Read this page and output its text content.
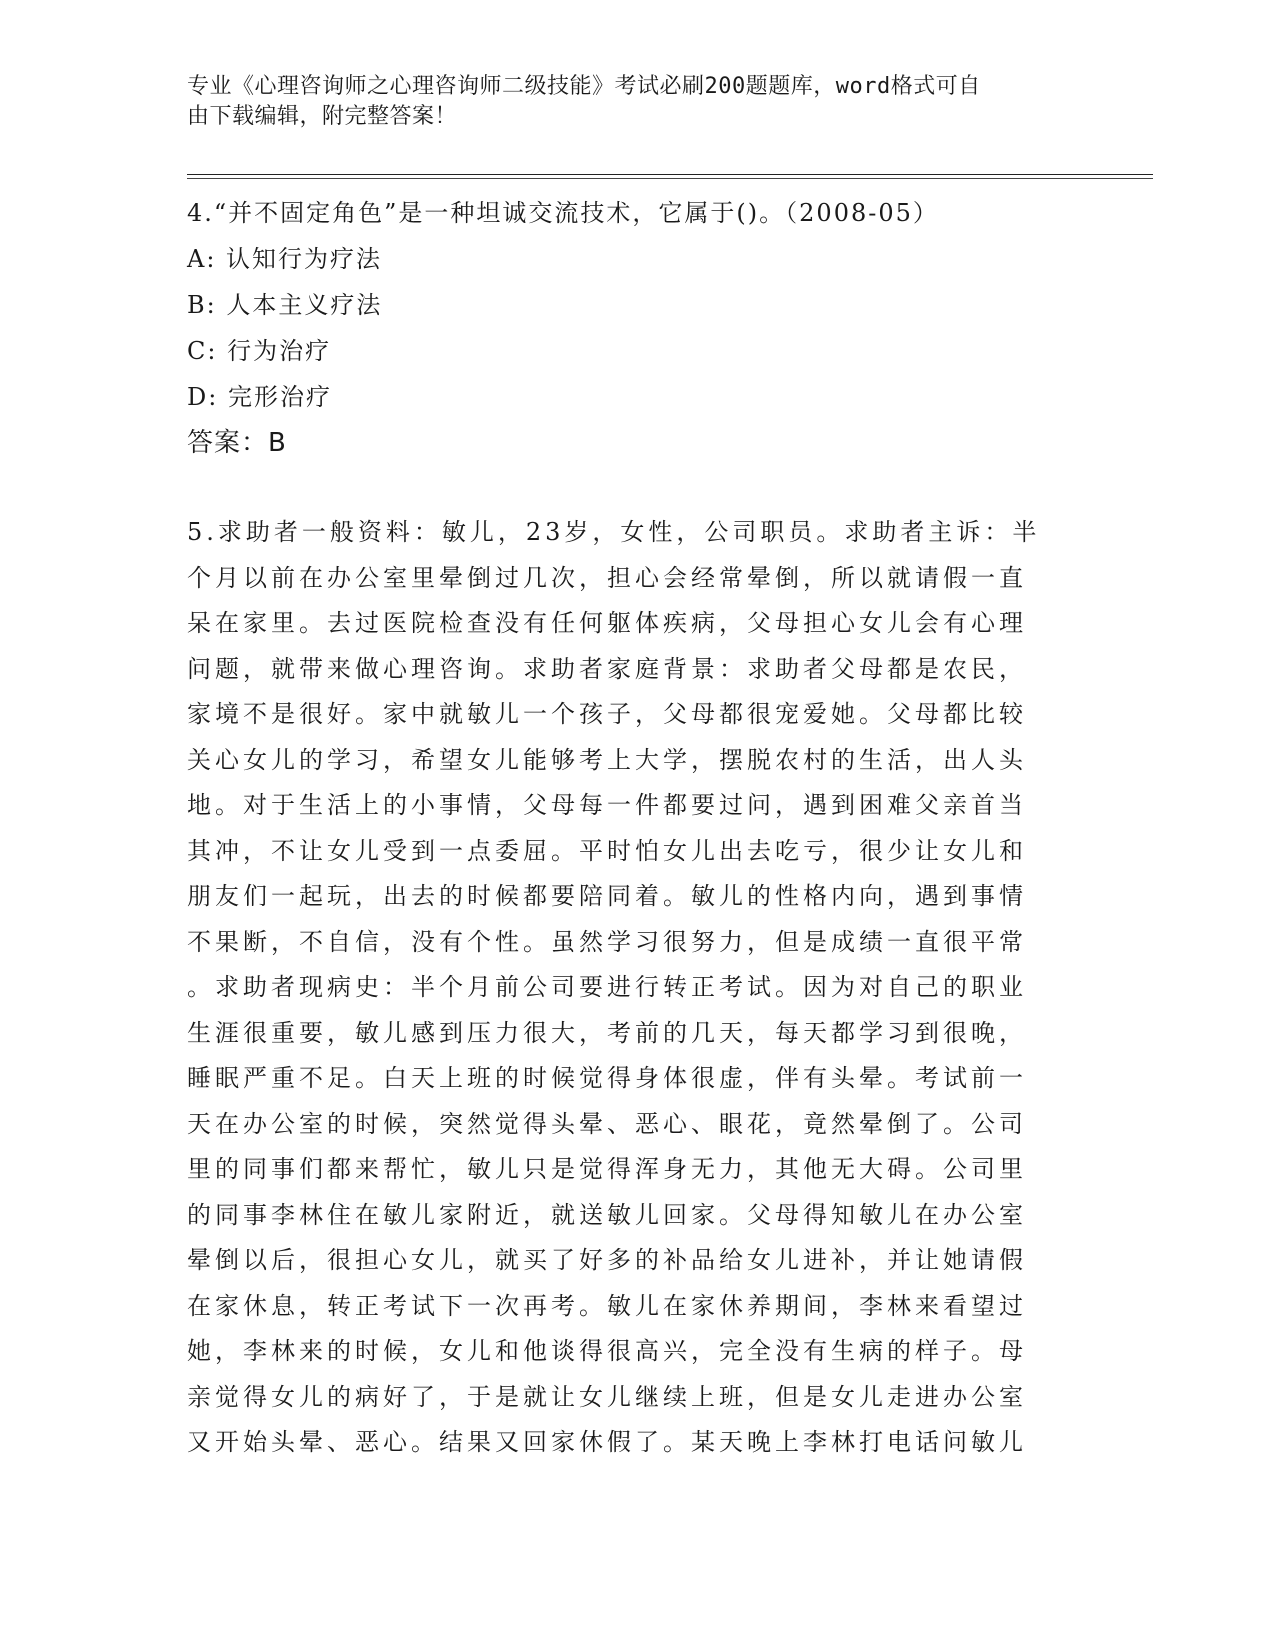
专业《心理咨询师之心理咨询师二级技能》考试必刷200题题库，word格式可自
由下载编辑，附完整答案！
4.“并不固定角色”是一种坦诚交流技术，它属于()。（2008-05）
A: 认知行为疗法
B: 人本主义疗法
C: 行为治疗
D: 完形治疗
答案：B
5.求助者一般资料：敏儿，23岁，女性，公司职员。求助者主诉：半
个月以前在办公室里晕倒过几次，担心会经常晕倒，所以就请假一直
呆在家里。去过医院检查没有任何躯体疾病，父母担心女儿会有心理
问题，就带来做心理咨询。求助者家庭背景：求助者父母都是农民，
家境不是很好。家中就敏儿一个孩子，父母都很宠爱她。父母都比较
关心女儿的学习，希望女儿能够考上大学，摆脱农村的生活，出人头
地。对于生活上的小事情，父母每一件都要过问，遇到困难父亲首当
其冲，不让女儿受到一点委屈。平时怕女儿出去吃亏，很少让女儿和
朋友们一起玩，出去的时候都要陪同着。敏儿的性格内向，遇到事情
不果断，不自信，没有个性。虽然学习很努力，但是成绩一直很平常
。求助者现病史：半个月前公司要进行转正考试。因为对自己的职业
生涯很重要，敏儿感到压力很大，考前的几天，每天都学习到很晚，
睡眠严重不足。白天上班的时候觉得身体很虚，伴有头晕。考试前一
天在办公室的时候，突然觉得头晕、恶心、眼花，竟然晕倒了。公司
里的同事们都来帮忙，敏儿只是觉得浑身无力，其他无大碍。公司里
的同事李林住在敏儿家附近，就送敏儿回家。父母得知敏儿在办公室
晕倒以后，很担心女儿，就买了好多的补品给女儿进补，并让她请假
在家休息，转正考试下一次再考。敏儿在家休养期间，李林来看望过
她，李林来的时候，女儿和他谈得很高兴，完全没有生病的样子。母
亲觉得女儿的病好了，于是就让女儿继续上班，但是女儿走进办公室
又开始头晕、恶心。结果又回家休假了。某天晚上李林打电话问敏儿
